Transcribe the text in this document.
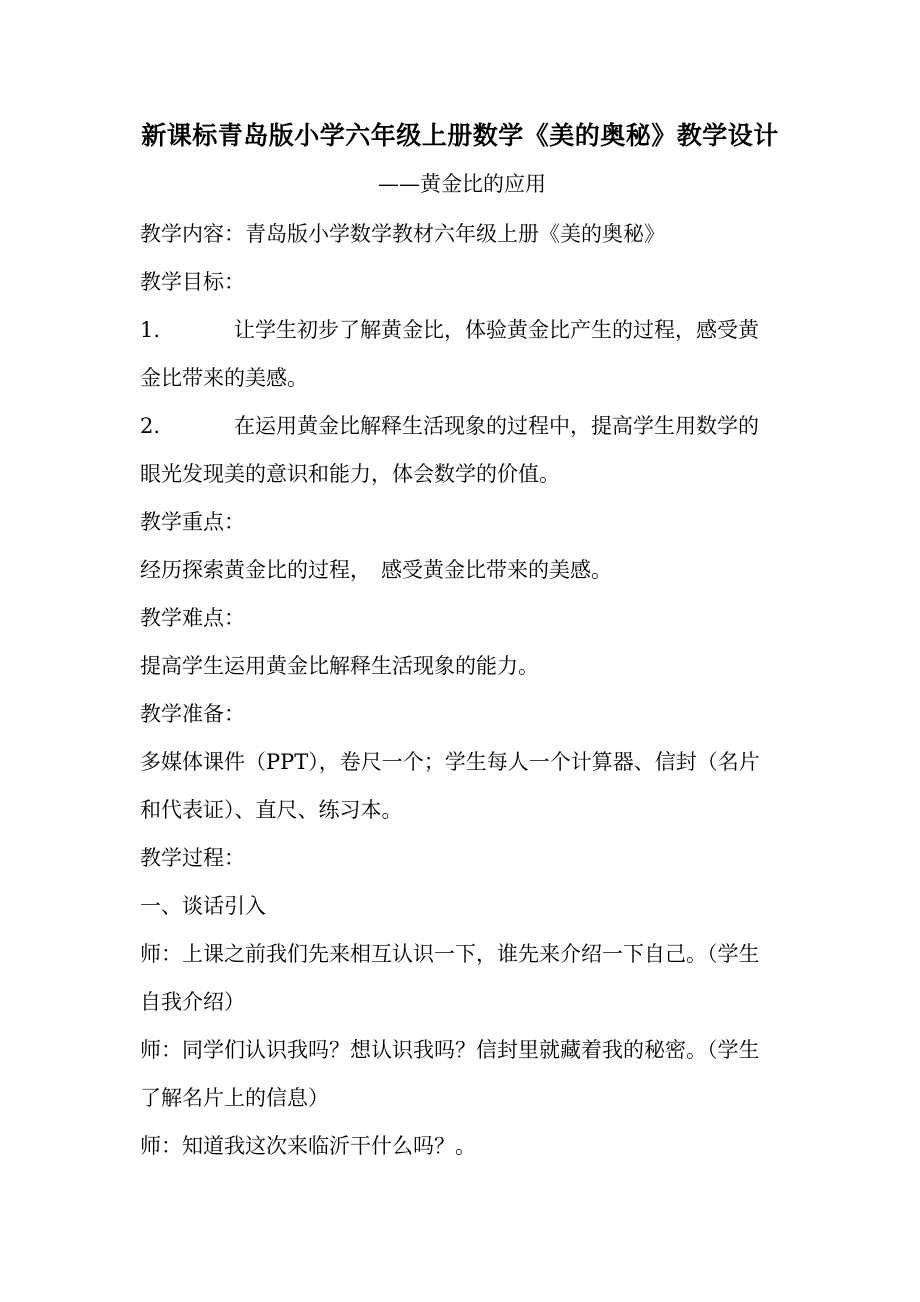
新课标青岛版小学六年级上册数学《美的奥秘》教学设计
——黄金比的应用
教学内容：青岛版小学数学教材六年级上册《美的奥秘》
教学目标：
1.	让学生初步了解黄金比，体验黄金比产生的过程，感受黄
金比带来的美感。
2.	在运用黄金比解释生活现象的过程中，提高学生用数学的
眼光发现美的意识和能力，体会数学的价值。
教学重点：
经历探索黄金比的过程， 感受黄金比带来的美感。
教学难点：
提高学生运用黄金比解释生活现象的能力。
教学准备：
多媒体课件（PPT），卷尺一个；学生每人一个计算器、信封（名片
和代表证）、直尺、练习本。
教学过程：
一、谈话引入
师：上课之前我们先来相互认识一下，谁先来介绍一下自己。（学生
自我介绍）
师：同学们认识我吗？想认识我吗？信封里就藏着我的秘密。（学生
了解名片上的信息）
师：知道我这次来临沂干什么吗？。
